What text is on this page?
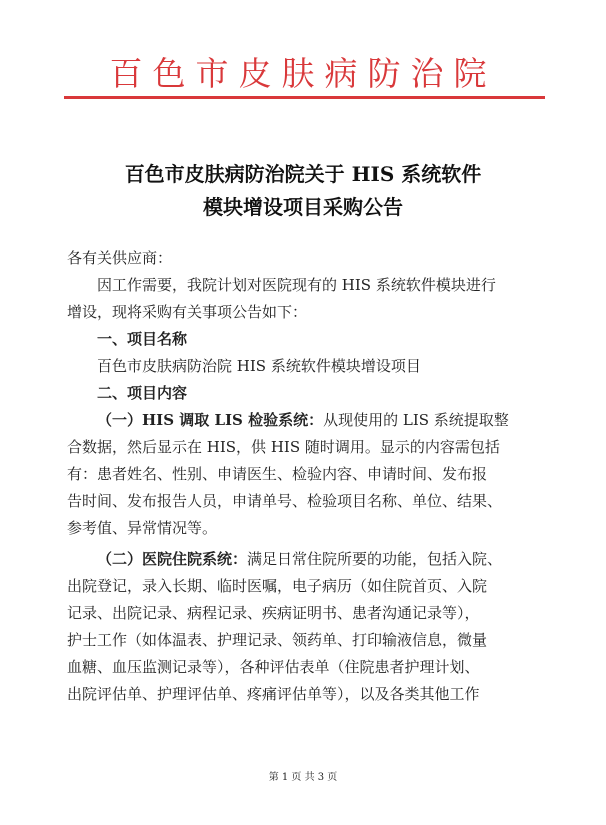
百色市皮肤病防治院
百色市皮肤病防治院关于 HIS 系统软件
模块增设项目采购公告
各有关供应商：
因工作需要，我院计划对医院现有的 HIS 系统软件模块进行
增设，现将采购有关事项公告如下：
一、项目名称
百色市皮肤病防治院 HIS 系统软件模块增设项目
二、项目内容
（一）HIS 调取 LIS 检验系统：从现使用的 LIS 系统提取整
合数据，然后显示在 HIS，供 HIS 随时调用。显示的内容需包括
有：患者姓名、性别、申请医生、检验内容、申请时间、发布报
告时间、发布报告人员，申请单号、检验项目名称、单位、结果、
参考值、异常情况等。
（二）医院住院系统：满足日常住院所要的功能，包括入院、
出院登记，录入长期、临时医嘱，电子病历（如住院首页、入院
记录、出院记录、病程记录、疾病证明书、患者沟通记录等），
护士工作（如体温表、护理记录、领药单、打印输液信息，微量
血糖、血压监测记录等），各种评估表单（住院患者护理计划、
出院评估单、护理评估单、疼痛评估单等），以及各类其他工作
第 1 页 共 3 页
